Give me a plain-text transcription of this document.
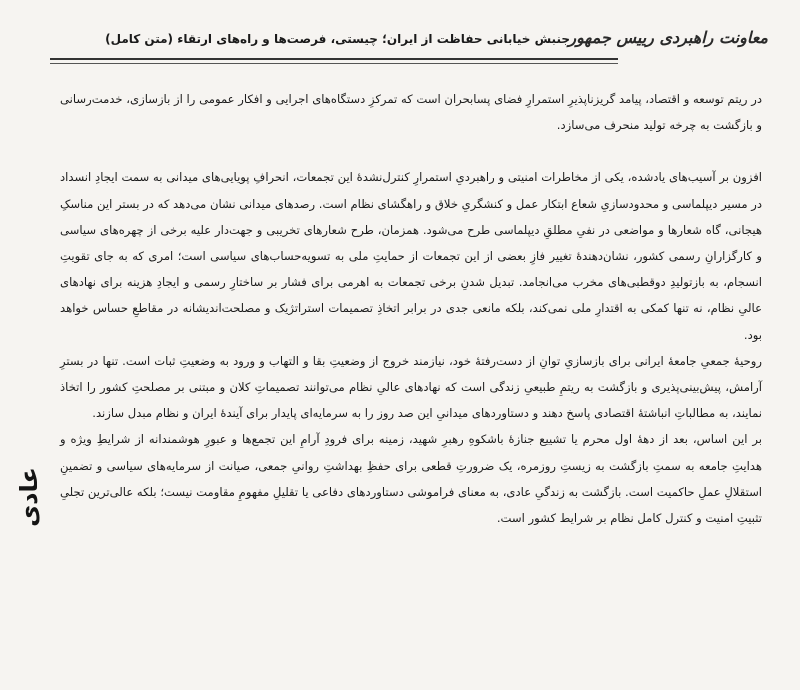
معاونت راهبردی رییس جمهور
جنبش خیابانی حفاظت از ایران؛ چیستی، فرصت‌ها و راه‌های ارتقاء (متن کامل)

در ریتم توسعه و اقتصاد، پیامد گریزناپذیرِ استمرارِ فضای پسابحران است که تمرکزِ دستگاه‌های اجرایی و افکار عمومی را از بازسازی، خدمت‌رسانی و بازگشت به چرخه تولید منحرف می‌سازد.

افزون بر آسیب‌های یادشده، یکی از مخاطرات امنیتی و راهبردیِ استمرارِ کنترل‌نشدهٔ این تجمعات، انحرافِ پویایی‌های میدانی به سمت ایجادِ انسداد در مسیر دیپلماسی و محدودسازیِ شعاع ابتکار عمل و کنشگریِ خلاق و راهگشای نظام است. رصدهای میدانی نشان می‌دهد که در بستر این مناسکِ هیجانی، گاه شعارها و مواضعی در نفیِ مطلقِ دیپلماسی طرح می‌شود. همزمان، طرح شعارهای تخریبی و جهت‌دار علیه برخی از چهره‌های سیاسی و کارگزارانِ رسمی کشور، نشان‌دهندهٔ تغییر فازِ بعضی از این تجمعات از حمایتِ ملی به تسویه‌حساب‌های سیاسی است؛ امری که به جای تقویتِ انسجام، به بازتولیدِ دوقطبی‌های مخرب می‌انجامد. تبدیل شدنِ برخی تجمعات به اهرمی برای فشار بر ساختارِ رسمی و ایجادِ هزینه برای نهادهای عالیِ نظام، نه تنها کمکی به اقتدارِ ملی نمی‌کند، بلکه مانعی جدی در برابر اتخاذِ تصمیمات استراتژیک و مصلحت‌اندیشانه در مقاطعِ حساس خواهد بود.

روحیهٔ جمعیِ جامعهٔ ایرانی برای بازسازیِ توانِ از دست‌رفتهٔ خود، نیازمند خروج از وضعیتِ بقا و التهاب و ورود به وضعیتِ ثبات است. تنها در بسترِ آرامش، پیش‌بینی‌پذیری و بازگشت به ریتمِ طبیعیِ زندگی است که نهادهای عالیِ نظام می‌توانند تصمیماتِ کلان و مبتنی بر مصلحتِ کشور را اتخاذ نمایند، به مطالباتِ انباشتهٔ اقتصادی پاسخ دهند و دستاوردهای میدانیِ این صد روز را به سرمایه‌ای پایدار برای آیندهٔ ایران و نظام مبدل سازند.

بر این اساس، بعد از دههٔ اول محرم یا تشییع جنازهٔ باشکوهِ رهبرِ شهید، زمینه برای فرودِ آرامِ این تجمع‌ها و عبورِ هوشمندانه از شرایطِ ویژه و هدایتِ جامعه به سمتِ بازگشت به زیستِ روزمره، یک ضرورتِ قطعی برای حفظِ بهداشتِ روانیِ جمعی، صیانت از سرمایه‌های سیاسی و تضمینِ استقلالِ عملِ حاکمیت است. بازگشت به زندگیِ عادی، به معنای فراموشی دستاوردهای دفاعی یا تقلیلِ مفهومِ مقاومت نیست؛ بلکه عالی‌ترین تجلیِ تثبیتِ امنیت و کنترل کامل نظام بر شرایط کشور است.

عادی
